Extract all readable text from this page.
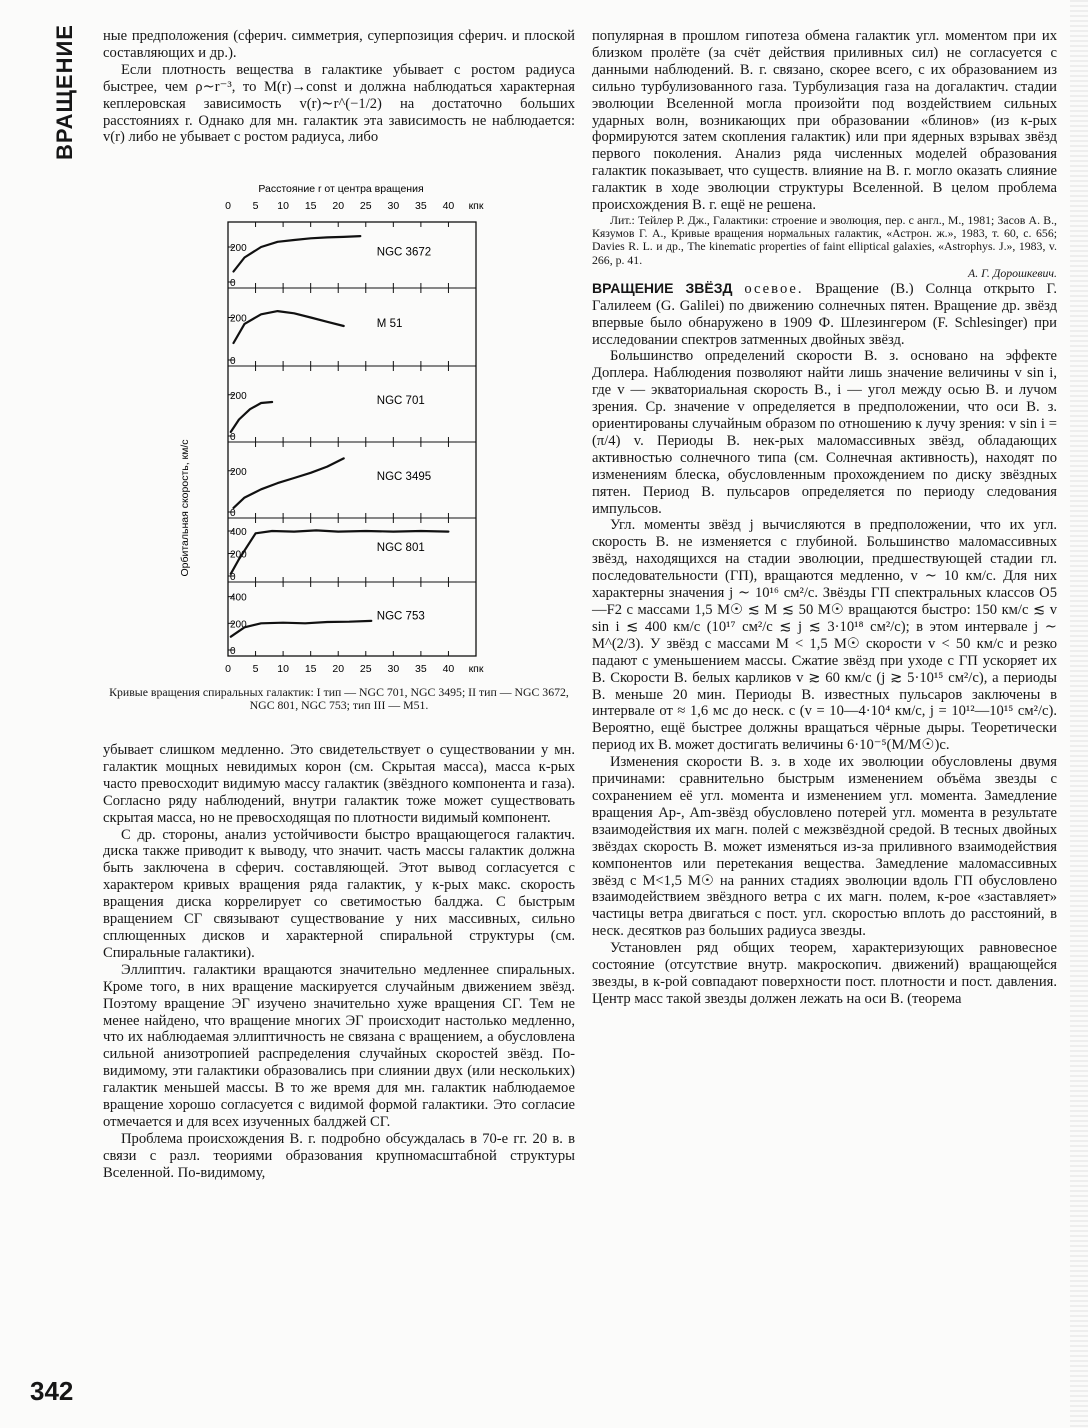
ВРАЩЕНИЕ
342

ные предположения (сферич. симметрия, суперпозиция сферич. и плоской составляющих и др.).

Если плотность вещества в галактике убывает с ростом радиуса быстрее, чем ρ∼r⁻³, то M(r)→const и должна наблюдаться характерная кеплеровская зависимость v(r)∼r^(−1/2) на достаточно больших расстояниях r. Однако для мн. галактик эта зависимость не наблюдается: v(r) либо не убывает с ростом радиуса, либо

Расстояние r от центра вращения
0 5 10 15 20 25 30 35 40 кпк
0 5 10 15 20 25 30 35 40 кпк
Орбитальная скорость, км/с
200
0
NGC 3672
200
0
M 51
200
0
NGC 701
200
0
NGC 3495
400
200
0
NGC 801
400
200
0
NGC 753
Кривые вращения спиральных галактик: I тип — NGC 701, NGC 3495; II тип — NGC 3672, NGC 801, NGC 753; тип III — M51.

убывает слишком медленно. Это свидетельствует о существовании у мн. галактик мощных невидимых корон (см. Скрытая масса), масса к-рых часто превосходит видимую массу галактик (звёздного компонента и газа). Согласно ряду наблюдений, внутри галактик тоже может существовать скрытая масса, но не превосходящая по плотности видимый компонент.

С др. стороны, анализ устойчивости быстро вращающегося галактич. диска также приводит к выводу, что значит. часть массы галактик должна быть заключена в сферич. составляющей. Этот вывод согласуется с характером кривых вращения ряда галактик, у к-рых макс. скорость вращения диска коррелирует со светимостью балджа. С быстрым вращением СГ связывают существование у них массивных, сильно сплющенных дисков и характерной спиральной структуры (см. Спиральные галактики).

Эллиптич. галактики вращаются значительно медленнее спиральных. Кроме того, в них вращение маскируется случайным движением звёзд. Поэтому вращение ЭГ изучено значительно хуже вращения СГ. Тем не менее найдено, что вращение многих ЭГ происходит настолько медленно, что их наблюдаемая эллиптичность не связана с вращением, а обусловлена сильной анизотропией распределения случайных скоростей звёзд. По-видимому, эти галактики образовались при слиянии двух (или нескольких) галактик меньшей массы. В то же время для мн. галактик наблюдаемое вращение хорошо согласуется с видимой формой галактики. Это согласие отмечается и для всех изученных балджей СГ.

Проблема происхождения В. г. подробно обсуждалась в 70-е гг. 20 в. в связи с разл. теориями образования крупномасштабной структуры Вселенной. По-видимому,

популярная в прошлом гипотеза обмена галактик угл. моментом при их близком пролёте (за счёт действия приливных сил) не согласуется с данными наблюдений. В. г. связано, скорее всего, с их образованием из сильно турбулизованного газа. Турбулизация газа на догалактич. стадии эволюции Вселенной могла произойти под воздействием сильных ударных волн, возникающих при образовании «блинов» (из к-рых формируются затем скопления галактик) или при ядерных взрывах звёзд первого поколения. Анализ ряда численных моделей образования галактик показывает, что существ. влияние на В. г. могло оказать слияние галактик в ходе эволюции структуры Вселенной. В целом проблема происхождения В. г. ещё не решена.

Лит.: Тейлер Р. Дж., Галактики: строение и эволюция, пер. с англ., М., 1981; Засов А. В., Кязумов Г. А., Кривые вращения нормальных галактик, «Астрон. ж.», 1983, т. 60, с. 656; Davies R. L. и др., The kinematic properties of faint elliptical galaxies, «Astrophys. J.», 1983, v. 266, p. 41.

А. Г. Дорошкевич.

ВРАЩЕНИЕ ЗВЁЗД осевое. Вращение (В.) Солнца открыто Г. Галилеем (G. Galilei) по движению солнечных пятен. Вращение др. звёзд впервые было обнаружено в 1909 Ф. Шлезингером (F. Schlesinger) при исследовании спектров затменных двойных звёзд.

Большинство определений скорости В. з. основано на эффекте Доплера. Наблюдения позволяют найти лишь значение величины v sin i, где v — экваториальная скорость В., i — угол между осью В. и лучом зрения. Ср. значение v определяется в предположении, что оси В. з. ориентированы случайным образом по отношению к лучу зрения: v sin i = (π/4) v. Периоды В. нек-рых маломассивных звёзд, обладающих активностью солнечного типа (см. Солнечная активность), находят по изменениям блеска, обусловленным прохождением по диску звёздных пятен. Период В. пульсаров определяется по периоду следования импульсов.

Угл. моменты звёзд j вычисляются в предположении, что их угл. скорость В. не изменяется с глубиной. Большинство маломассивных звёзд, находящихся на стадии эволюции, предшествующей стадии гл. последовательности (ГП), вращаются медленно, v ∼ 10 км/с. Для них характерны значения j ∼ 10¹⁶ см²/с. Звёзды ГП спектральных классов O5—F2 с массами 1,5 M☉ ≲ M ≲ 50 M☉ вращаются быстро: 150 км/с ≲ v sin i ≲ 400 км/с (10¹⁷ см²/с ≲ j ≲ 3·10¹⁸ см²/с); в этом интервале j ∼ M^(2/3). У звёзд с массами M < 1,5 M☉ скорости v < 50 км/с и резко падают с уменьшением массы. Сжатие звёзд при уходе с ГП ускоряет их В. Скорости В. белых карликов v ≳ 60 км/с (j ≳ 5·10¹⁵ см²/с), а периоды В. меньше 20 мин. Периоды В. известных пульсаров заключены в интервале от ≈ 1,6 мс до неск. с (v = 10—4·10⁴ км/с, j = 10¹²—10¹⁵ см²/с). Вероятно, ещё быстрее должны вращаться чёрные дыры. Теоретически период их В. может достигать величины 6·10⁻⁵(M/M☉)с.

Изменения скорости В. з. в ходе их эволюции обусловлены двумя причинами: сравнительно быстрым изменением объёма звезды с сохранением её угл. момента и изменением угл. момента. Замедление вращения Ap-, Am-звёзд обусловлено потерей угл. момента в результате взаимодействия их магн. полей с межзвёздной средой. В тесных двойных звёздах скорость В. может изменяться из-за приливного взаимодействия компонентов или перетекания вещества. Замедление маломассивных звёзд с M<1,5 M☉ на ранних стадиях эволюции вдоль ГП обусловлено взаимодействием звёздного ветра с их магн. полем, к-рое «заставляет» частицы ветра двигаться с пост. угл. скоростью вплоть до расстояний, в неск. десятков раз больших радиуса звезды.

Установлен ряд общих теорем, характеризующих равновесное состояние (отсутствие внутр. макроскопич. движений) вращающейся звезды, в к-рой совпадают поверхности пост. плотности и пост. давления. Центр масс такой звезды должен лежать на оси В. (теорема
